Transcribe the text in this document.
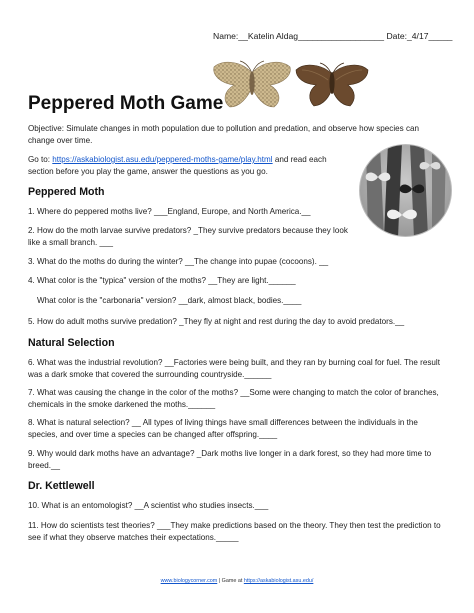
Name:__Katelin Aldag__________________ Date:_4/17_____
Peppered Moth Game
Objective: Simulate changes in moth population due to pollution and predation, and observe how species can change over time.
Go to: https://askabiologist.asu.edu/peppered-moths-game/play.html and read each section before you play the game, answer the questions as you go.
Peppered Moth
1. Where do peppered moths live? ___England, Europe, and North America.__
2. How do the moth larvae survive predators? _They survive predators because they look like a small branch. ___
3. What do the moths do during the winter? __The change into pupae (cocoons). __
4. What color is the "typica" version of the moths? __They are light.______
What color is the "carbonaria" version? __dark, almost black, bodies.____
5. How do adult moths survive predation? _They fly at night and rest during the day to avoid predators.__
Natural Selection
6. What was the industrial revolution? __Factories were being built, and they ran by burning coal for fuel. The result was a dark smoke that covered the surrounding countryside.______
7. What was causing the change in the color of the moths? __Some were changing to match the color of branches, chemicals in the smoke darkened the moths.______
8. What is natural selection? __ All types of living things have small differences between the individuals in the species, and over time a species can be changed after offspring.____
9. Why would dark moths have an advantage? _Dark moths live longer in a dark forest, so they had more time to breed.__
Dr. Kettlewell
10. What is an entomologist? __A scientist who studies insects.___
11. How do scientists test theories? ___They make predictions based on the theory. They then test the prediction to see if what they observe matches their expectations._____
www.biologycorner.com | Game at https://askabiologist.asu.edu/
